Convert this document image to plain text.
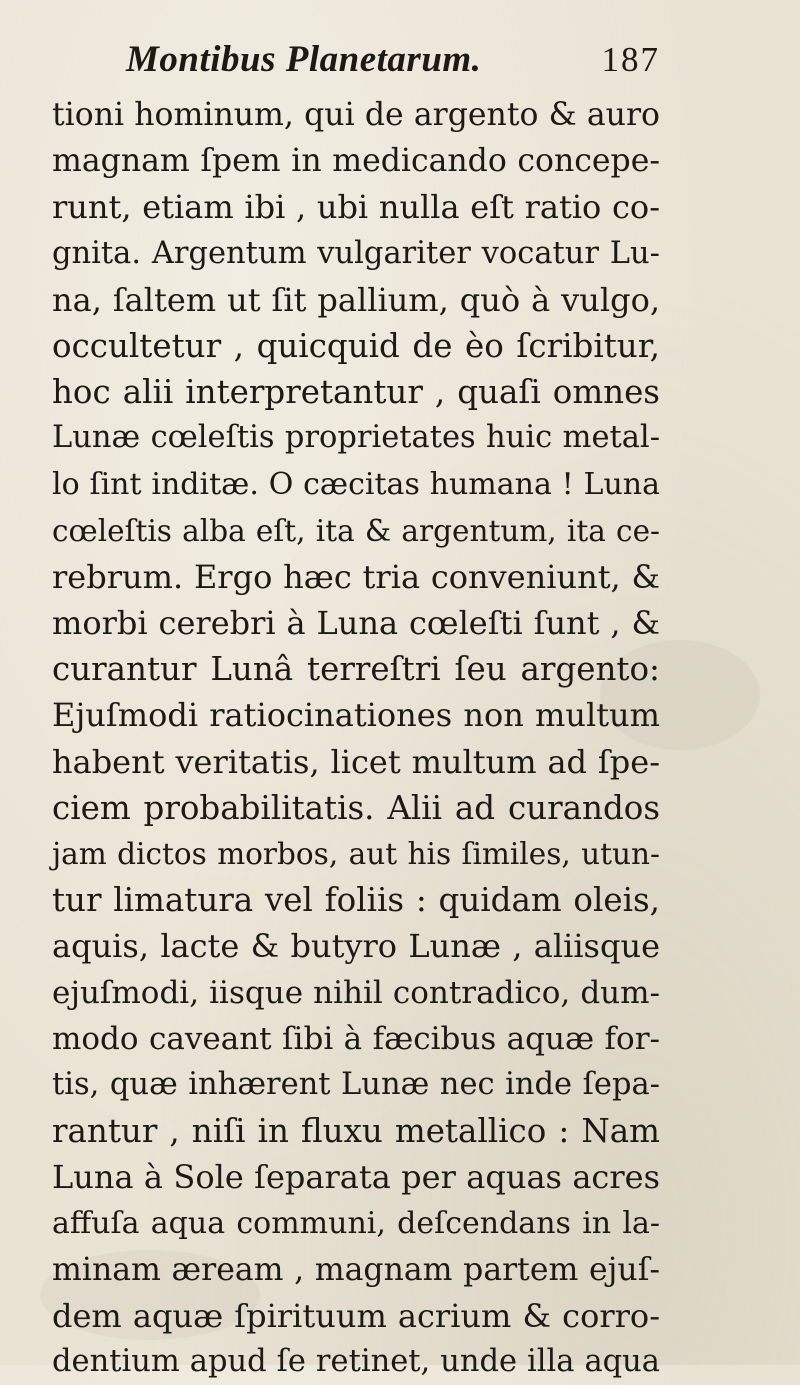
Montibus Planetarum.	187
tioni hominum, qui de argento & auro
magnam ſpem in medicando concepe-
runt, etiam ibi , ubi nulla eſt ratio co-
gnita. Argentum vulgariter vocatur Lu-
na, ſaltem ut ſit pallium, quò à vulgo,
occultetur , quicquid de èo ſcribitur,
hoc alii interpretantur , quaſi omnes
Lunæ cœleſtis proprietates huic metal-
lo ſint inditæ. O cæcitas humana ! Luna
cœleſtis alba eſt, ita & argentum, ita ce-
rebrum. Ergo hæc tria conveniunt, &
morbi cerebri à Luna cœleſti ſunt , &
curantur Lunâ terreſtri ſeu argento:
Ejuſmodi ratiocinationes non multum
habent veritatis, licet multum ad ſpe-
ciem probabilitatis. Alii ad curandos
jam dictos morbos, aut his ſimiles, utun-
tur limatura vel foliis : quidam oleis,
aquis, lacte & butyro Lunæ , aliisque
ejuſmodi, iisque nihil contradico, dum-
modo caveant ſibi à fæcibus aquæ for-
tis, quæ inhærent Lunæ nec inde ſepa-
rantur , niſi in fluxu metallico : Nam
Luna à Sole ſeparata per aquas acres
affuſa aqua communi, deſcendans in la-
minam æream , magnam partem ejuſ-
dem aquæ ſpirituum acrium & corro-
dentium apud ſe retinet, unde illa aqua
